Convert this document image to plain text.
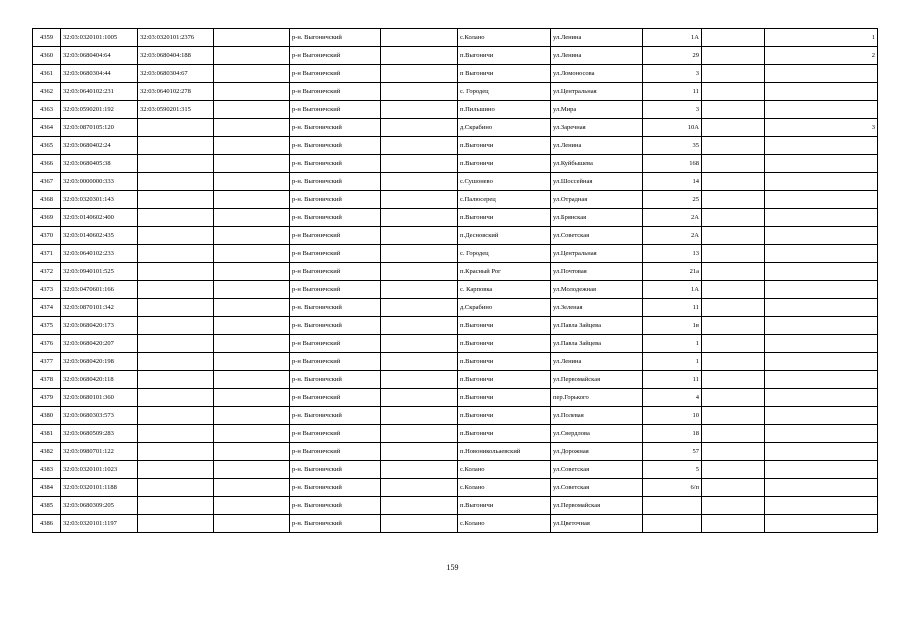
4359	32:03:0320101:1005	32:03:0320101:2376		р-н. Выгоничский		с.Колано	ул.Ленина	1А		1
4360	32:03:0680404:64	32:03:0680404:188		р-н Выгоничский		п.Выгоничи	ул.Ленина	29		2
4361	32:03:0680304:44	32:03:0680304:67		р-н Выгоничский		п Выгоничи	ул.Ломоносова	3		
4362	32:03:0640102:231	32:03:0640102:278		р-н Выгоничский		с. Городец	ул.Центральная	11		
4363	32:03:0590201:192	32:03:0590201:315		р-н Выгоничский		п.Пильшино	ул.Мира	3		
4364	32:03:0870105:120			р-н. Выгоничский		д.Скрабино	ул.Заречная	10А		3
4365	32:03:0680402:24			р-н. Выгоничский		п.Выгоничи	ул.Ленина	35		
4366	32:03:0680405:38			р-н. Выгоничский		п.Выгоничи	ул.Куйбышева	168		
4367	32:03:0000000:333			р-н. Выгоничский		с.Сушонево	ул.Шоссейная	14		
4368	32:03:0320301:143			р-н. Выгоничский		с.Палюсерец	ул.Отрадная	25		
4369	32:03:0140602:400			р-н. Выгоничский		п.Выгоничи	ул.Брянская	2А		
4370	32:03:0140602:435			р-н Выгоничский		п.Десновский	ул.Советская	2А		
4371	32:03:0640102:233			р-н Выгоничский		с. Городец	ул.Центральная	13		
4372	32:03:0940101:525			р-н Выгоничский		п.Красный Рог	ул.Почтовая	21а		
4373	32:03:0470601:166			р-н Выгоничский		с. Карповка	ул.Молодежная	1А		
4374	32:03:0870101:342			р-н. Выгоничский		д.Скрабино	ул.Зеленая	11		
4375	32:03:0680420:173			р-н. Выгоничский		п.Выгоничи	ул.Павла Зайцева	1в		
4376	32:03:0680420:207			р-н Выгоничский		п.Выгоничи	ул.Павла Зайцева	1		
4377	32:03:0680420:198			р-н Выгоничский		п.Выгоничи	ул.Ленина	1		
4378	32:03:0680420:118			р-н. Выгоничский		п.Выгоничи	ул.Первомайская	11		
4379	32:03:0680101:360			р-н Выгоничский		п.Выгоничи	пер.Горького	4		
4380	32:03:0680303:573			р-н. Выгоничский		п.Выгоничи	ул.Полевая	10		
4381	32:03:0680509:283			р-н Выгоничский		п.Выгоничи	ул.Свердлова	18		
4382	32:03:0980701:122			р-н Выгоничский		п.Новоникольаевский	ул.Дорожная	57		
4383	32:03:0320101:1023			р-н. Выгоничский		с.Колано	ул.Советская	5		
4384	32:03:0320101:1188			р-н. Выгоничский		с.Колано	ул.Советская	6/п		
4385	32:03:0680309:205			р-н. Выгоничский		п.Выгоничи	ул.Первомайская			
4386	32:03:0320101:1197			р-н. Выгоничский		с.Колано	ул.Цветочная			
159
